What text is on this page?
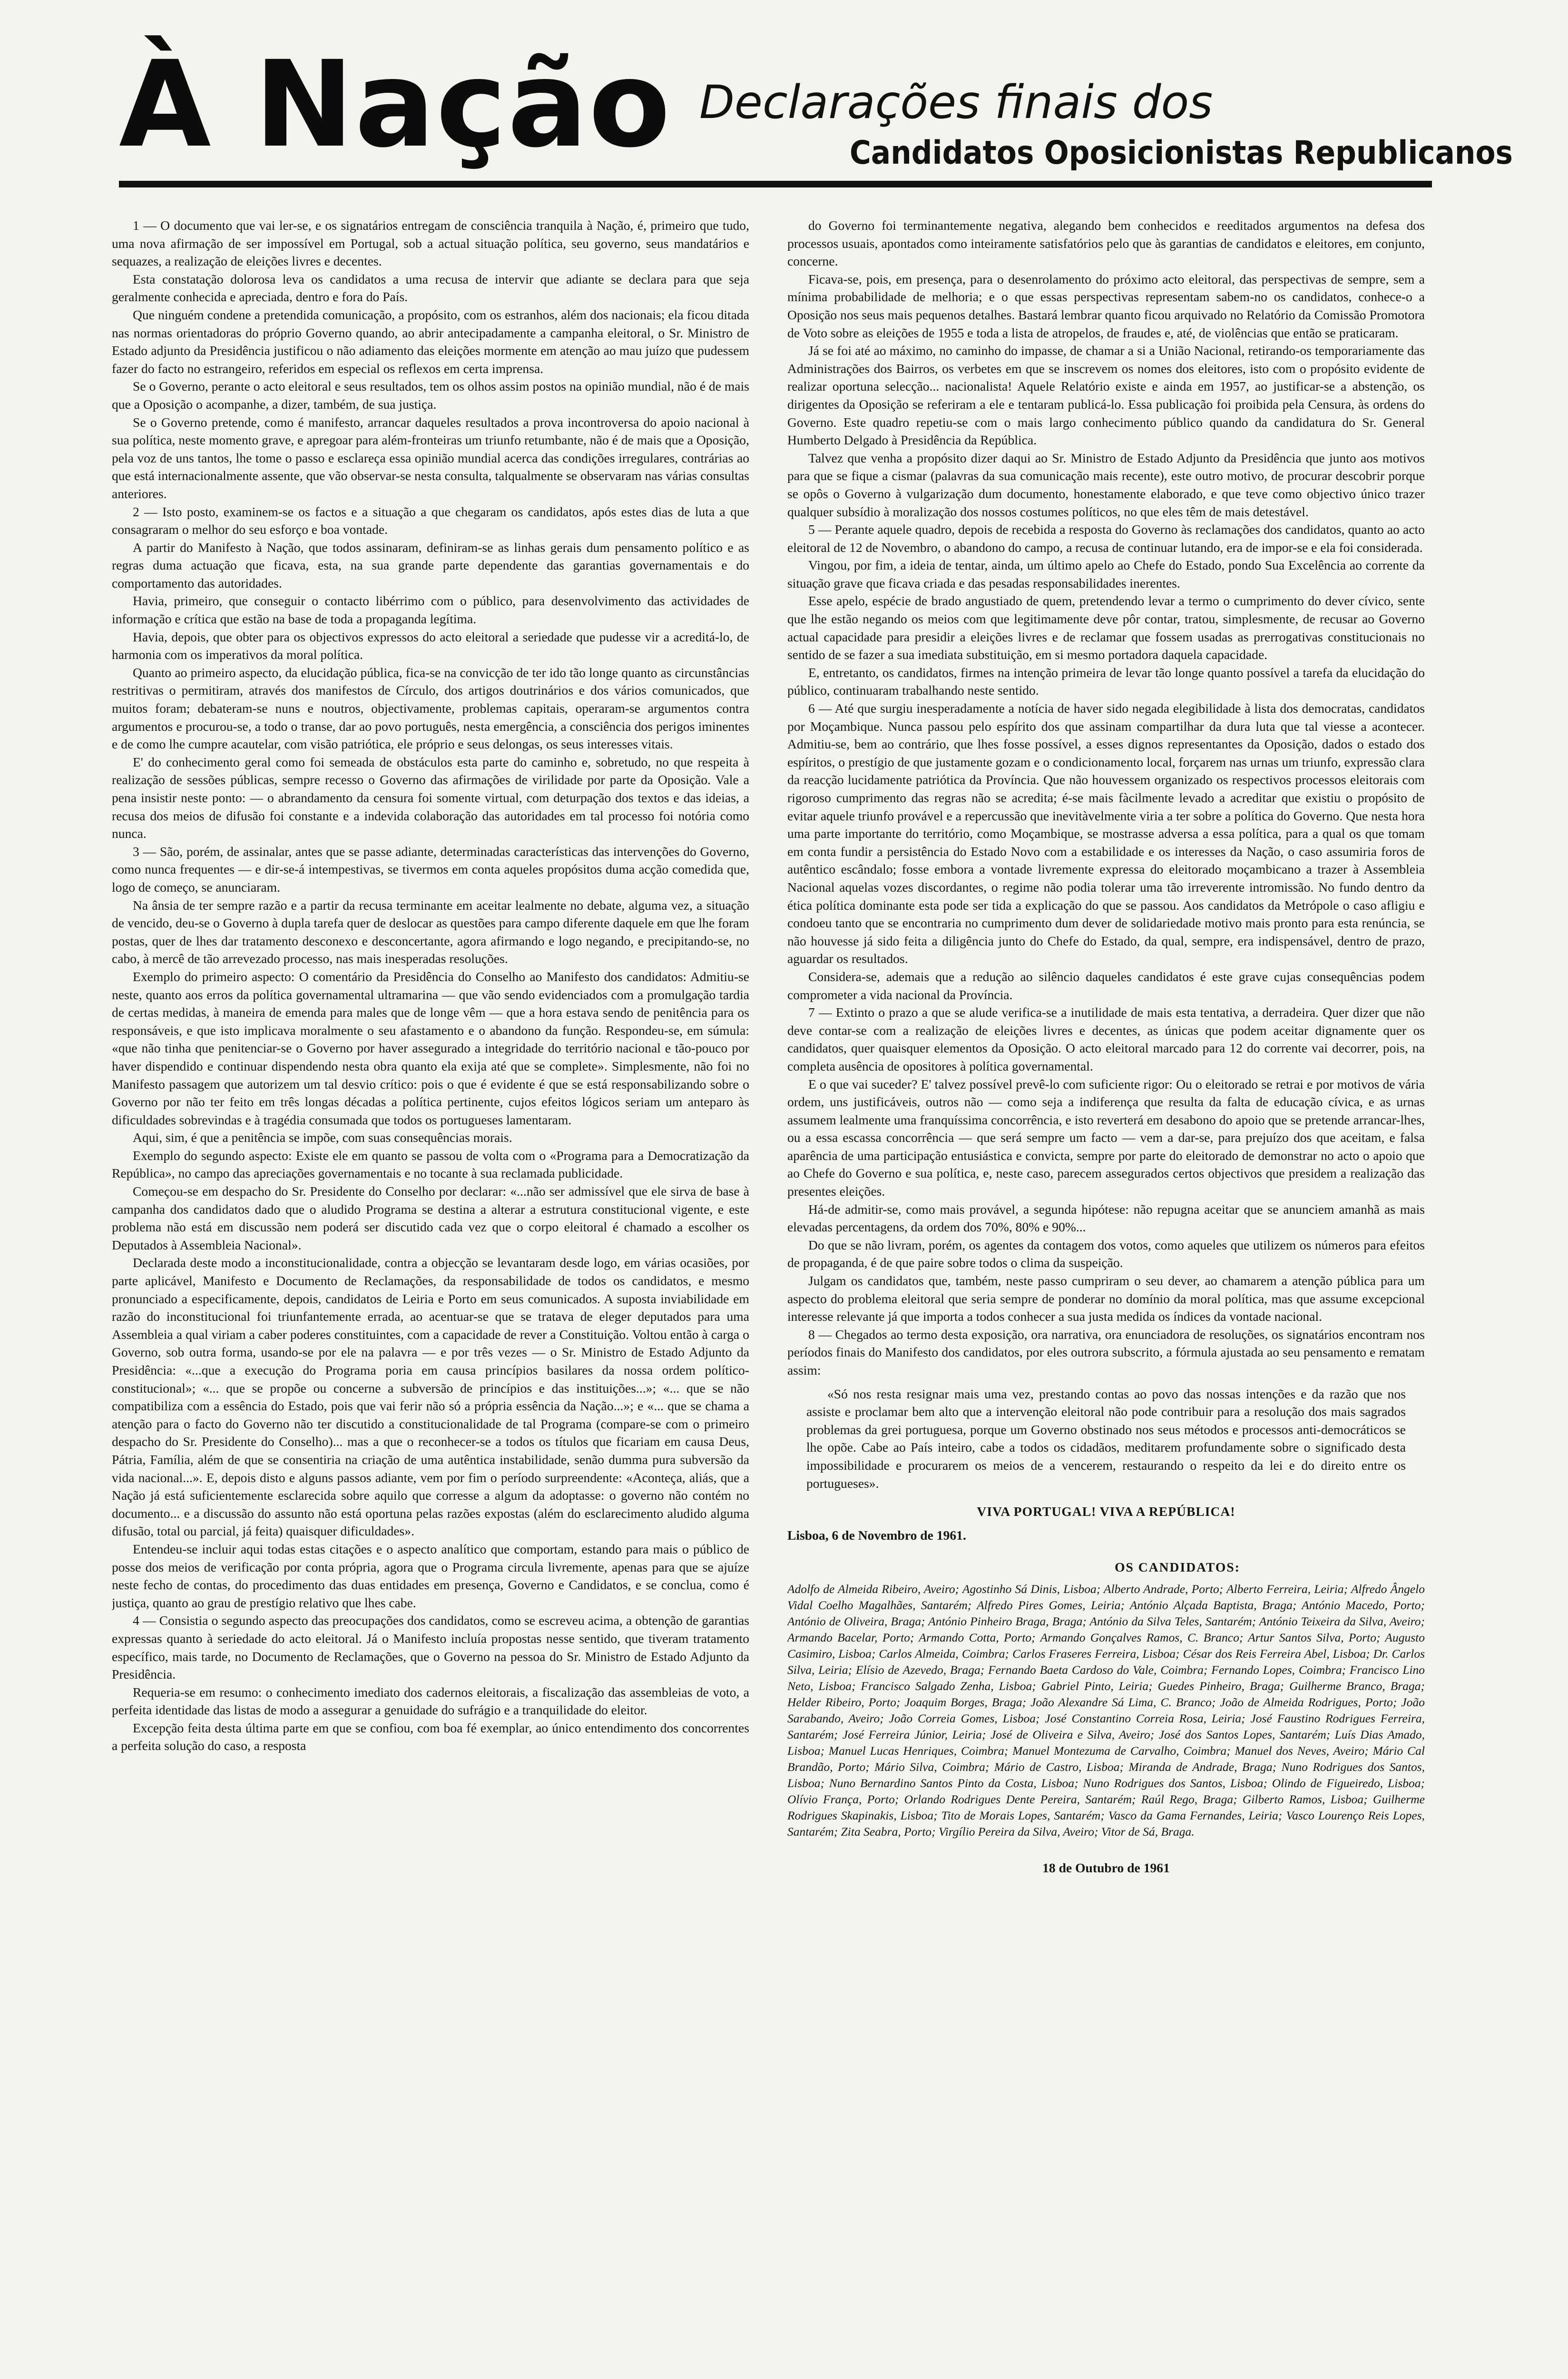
À Nação Declarações finais dos
Candidatos Oposicionistas Republicanos

1 — O documento que vai ler-se, e os signatários entregam de consciência tranquila à Nação, é, primeiro que tudo, uma nova afirmação de ser impossível em Portugal, sob a actual situação política, seu governo, seus mandatários e sequazes, a realização de eleições livres e decentes.

Esta constatação dolorosa leva os candidatos a uma recusa de intervir que adiante se declara para que seja geralmente conhecida e apreciada, dentro e fora do País.

Que ninguém condene a pretendida comunicação, a propósito, com os estranhos, além dos nacionais; ela ficou ditada nas normas orientadoras do próprio Governo quando, ao abrir antecipadamente a campanha eleitoral, o Sr. Ministro de Estado adjunto da Presidência justificou o não adiamento das eleições mormente em atenção ao mau juízo que pudessem fazer do facto no estrangeiro, referidos em especial os reflexos em certa imprensa.

Se o Governo, perante o acto eleitoral e seus resultados, tem os olhos assim postos na opinião mundial, não é de mais que a Oposição o acompanhe, a dizer, também, de sua justiça.

Se o Governo pretende, como é manifesto, arrancar daqueles resultados a prova incontroversa do apoio nacional à sua política, neste momento grave, e apregoar para além-fronteiras um triunfo retumbante, não é de mais que a Oposição, pela voz de uns tantos, lhe tome o passo e esclareça essa opinião mundial acerca das condições irregulares, contrárias ao que está internacionalmente assente, que vão observar-se nesta consulta, talqualmente se observaram nas várias consultas anteriores.

2 — Isto posto, examinem-se os factos e a situação a que chegaram os candidatos, após estes dias de luta a que consagraram o melhor do seu esforço e boa vontade.

A partir do Manifesto à Nação, que todos assinaram, definiram-se as linhas gerais dum pensamento político e as regras duma actuação que ficava, esta, na sua grande parte dependente das garantias governamentais e do comportamento das autoridades.

Havia, primeiro, que conseguir o contacto libérrimo com o público, para desenvolvimento das actividades de informação e crítica que estão na base de toda a propaganda legítima.

Havia, depois, que obter para os objectivos expressos do acto eleitoral a seriedade que pudesse vir a acreditá-lo, de harmonia com os imperativos da moral política.

Quanto ao primeiro aspecto, da elucidação pública, fica-se na convicção de ter ido tão longe quanto as circunstâncias restritivas o permitiram, através dos manifestos de Círculo, dos artigos doutrinários e dos vários comunicados, que muitos foram; debateram-se nuns e noutros, objectivamente, problemas capitais, operaram-se argumentos contra argumentos e procurou-se, a todo o transe, dar ao povo português, nesta emergência, a consciência dos perigos iminentes e de como lhe cumpre acautelar, com visão patriótica, ele próprio e seus delongas, os seus interesses vitais.

E' do conhecimento geral como foi semeada de obstáculos esta parte do caminho e, sobretudo, no que respeita à realização de sessões públicas, sempre recesso o Governo das afirmações de virilidade por parte da Oposição. Vale a pena insistir neste ponto: — o abrandamento da censura foi somente virtual, com deturpação dos textos e das ideias, a recusa dos meios de difusão foi constante e a indevida colaboração das autoridades em tal processo foi notória como nunca.

3 — São, porém, de assinalar, antes que se passe adiante, determinadas características das intervenções do Governo, como nunca frequentes — e dir-se-á intempestivas, se tivermos em conta aqueles propósitos duma acção comedida que, logo de começo, se anunciaram.

Na ânsia de ter sempre razão e a partir da recusa terminante em aceitar lealmente no debate, alguma vez, a situação de vencido, deu-se o Governo à dupla tarefa quer de deslocar as questões para campo diferente daquele em que lhe foram postas, quer de lhes dar tratamento desconexo e desconcertante, agora afirmando e logo negando, e precipitando-se, no cabo, à mercê de tão arrevezado processo, nas mais inesperadas resoluções.

Exemplo do primeiro aspecto: O comentário da Presidência do Conselho ao Manifesto dos candidatos: Admitiu-se neste, quanto aos erros da política governamental ultramarina — que vão sendo evidenciados com a promulgação tardia de certas medidas, à maneira de emenda para males que de longe vêm — que a hora estava sendo de penitência para os responsáveis, e que isto implicava moralmente o seu afastamento e o abandono da função. Respondeu-se, em súmula: «que não tinha que penitenciar-se o Governo por haver assegurado a integridade do território nacional e tão-pouco por haver dispendido e continuar dispendendo nesta obra quanto ela exija até que se complete». Simplesmente, não foi no Manifesto passagem que autorizem um tal desvio crítico: pois o que é evidente é que se está responsabilizando sobre o Governo por não ter feito em três longas décadas a política pertinente, cujos efeitos lógicos seriam um anteparo às dificuldades sobrevindas e à tragédia consumada que todos os portugueses lamentaram.

Aqui, sim, é que a penitência se impõe, com suas consequências morais.

Exemplo do segundo aspecto: Existe ele em quanto se passou de volta com o «Programa para a Democratização da República», no campo das apreciações governamentais e no tocante à sua reclamada publicidade.

Começou-se em despacho do Sr. Presidente do Conselho por declarar: «...não ser admissível que ele sirva de base à campanha dos candidatos dado que o aludido Programa se destina a alterar a estrutura constitucional vigente, e este problema não está em discussão nem poderá ser discutido cada vez que o corpo eleitoral é chamado a escolher os Deputados à Assembleia Nacional».

Declarada deste modo a inconstitucionalidade, contra a objecção se levantaram desde logo, em várias ocasiões, por parte aplicável, Manifesto e Documento de Reclamações, da responsabilidade de todos os candidatos, e mesmo pronunciado a especificamente, depois, candidatos de Leiria e Porto em seus comunicados. A suposta inviabilidade em razão do inconstitucional foi triunfantemente errada, ao acentuar-se que se tratava de eleger deputados para uma Assembleia a qual viriam a caber poderes constituintes, com a capacidade de rever a Constituição. Voltou então à carga o Governo, sob outra forma, usando-se por ele na palavra — e por três vezes — o Sr. Ministro de Estado Adjunto da Presidência: «...que a execução do Programa poria em causa princípios basilares da nossa ordem político-constitucional»; «... que se propõe ou concerne a subversão de princípios e das instituições...»; «... que se não compatibiliza com a essência do Estado, pois que vai ferir não só a própria essência da Nação...»; e «... que se chama a atenção para o facto do Governo não ter discutido a constitucionalidade de tal Programa (compare-se com o primeiro despacho do Sr. Presidente do Conselho)... mas a que o reconhecer-se a todos os títulos que ficariam em causa Deus, Pátria, Família, além de que se consentiria na criação de uma autêntica instabilidade, senão dumma pura subversão da vida nacional...». E, depois disto e alguns passos adiante, vem por fim o período surpreendente: «Aconteça, aliás, que a Nação já está suficientemente esclarecida sobre aquilo que corresse a algum da adoptasse: o governo não contém no documento... e a discussão do assunto não está oportuna pelas razões expostas (além do esclarecimento aludido alguma difusão, total ou parcial, já feita) quaisquer dificuldades».

Entendeu-se incluir aqui todas estas citações e o aspecto analítico que comportam, estando para mais o público de posse dos meios de verificação por conta própria, agora que o Programa circula livremente, apenas para que se ajuíze neste fecho de contas, do procedimento das duas entidades em presença, Governo e Candidatos, e se conclua, como é justiça, quanto ao grau de prestígio relativo que lhes cabe.

4 — Consistia o segundo aspecto das preocupações dos candidatos, como se escreveu acima, a obtenção de garantias expressas quanto à seriedade do acto eleitoral. Já o Manifesto incluía propostas nesse sentido, que tiveram tratamento específico, mais tarde, no Documento de Reclamações, que o Governo na pessoa do Sr. Ministro de Estado Adjunto da Presidência.

Requeria-se em resumo: o conhecimento imediato dos cadernos eleitorais, a fiscalização das assembleias de voto, a perfeita identidade das listas de modo a assegurar a genuidade do sufrágio e a tranquilidade do eleitor.

Excepção feita desta última parte em que se confiou, com boa fé exemplar, ao único entendimento dos concorrentes a perfeita solução do caso, a resposta

do Governo foi terminantemente negativa, alegando bem conhecidos e reeditados argumentos na defesa dos processos usuais, apontados como inteiramente satisfatórios pelo que às garantias de candidatos e eleitores, em conjunto, concerne.

Ficava-se, pois, em presença, para o desenrolamento do próximo acto eleitoral, das perspectivas de sempre, sem a mínima probabilidade de melhoria; e o que essas perspectivas representam sabem-no os candidatos, conhece-o a Oposição nos seus mais pequenos detalhes. Bastará lembrar quanto ficou arquivado no Relatório da Comissão Promotora de Voto sobre as eleições de 1955 e toda a lista de atropelos, de fraudes e, até, de violências que então se praticaram.

Já se foi até ao máximo, no caminho do impasse, de chamar a si a União Nacional, retirando-os temporariamente das Administrações dos Bairros, os verbetes em que se inscrevem os nomes dos eleitores, isto com o propósito evidente de realizar oportuna selecção... nacionalista! Aquele Relatório existe e ainda em 1957, ao justificar-se a abstenção, os dirigentes da Oposição se referiram a ele e tentaram publicá-lo. Essa publicação foi proibida pela Censura, às ordens do Governo. Este quadro repetiu-se com o mais largo conhecimento público quando da candidatura do Sr. General Humberto Delgado à Presidência da República.

Talvez que venha a propósito dizer daqui ao Sr. Ministro de Estado Adjunto da Presidência que junto aos motivos para que se fique a cismar (palavras da sua comunicação mais recente), este outro motivo, de procurar descobrir porque se opôs o Governo à vulgarização dum documento, honestamente elaborado, e que teve como objectivo único trazer qualquer subsídio à moralização dos nossos costumes políticos, no que eles têm de mais detestável.

5 — Perante aquele quadro, depois de recebida a resposta do Governo às reclamações dos candidatos, quanto ao acto eleitoral de 12 de Novembro, o abandono do campo, a recusa de continuar lutando, era de impor-se e ela foi considerada.

Vingou, por fim, a ideia de tentar, ainda, um último apelo ao Chefe do Estado, pondo Sua Excelência ao corrente da situação grave que ficava criada e das pesadas responsabilidades inerentes.

Esse apelo, espécie de brado angustiado de quem, pretendendo levar a termo o cumprimento do dever cívico, sente que lhe estão negando os meios com que legitimamente deve pôr contar, tratou, simplesmente, de recusar ao Governo actual capacidade para presidir a eleições livres e de reclamar que fossem usadas as prerrogativas constitucionais no sentido de se fazer a sua imediata substituição, em si mesmo portadora daquela capacidade.

E, entretanto, os candidatos, firmes na intenção primeira de levar tão longe quanto possível a tarefa da elucidação do público, continuaram trabalhando neste sentido.

6 — Até que surgiu inesperadamente a notícia de haver sido negada elegibilidade à lista dos democratas, candidatos por Moçambique. Nunca passou pelo espírito dos que assinam compartilhar da dura luta que tal viesse a acontecer. Admitiu-se, bem ao contrário, que lhes fosse possível, a esses dignos representantes da Oposição, dados o estado dos espíritos, o prestígio de que justamente gozam e o condicionamento local, forçarem nas urnas um triunfo, expressão clara da reacção lucidamente patriótica da Província. Que não houvessem organizado os respectivos processos eleitorais com rigoroso cumprimento das regras não se acredita; é-se mais fàcilmente levado a acreditar que existiu o propósito de evitar aquele triunfo provável e a repercussão que inevitàvelmente viria a ter sobre a política do Governo. Que nesta hora uma parte importante do território, como Moçambique, se mostrasse adversa a essa política, para a qual os que tomam em conta fundir a persistência do Estado Novo com a estabilidade e os interesses da Nação, o caso assumiria foros de autêntico escândalo; fosse embora a vontade livremente expressa do eleitorado moçambicano a trazer à Assembleia Nacional aquelas vozes discordantes, o regime não podia tolerar uma tão irreverente intromissão. No fundo dentro da ética política dominante esta pode ser tida a explicação do que se passou. Aos candidatos da Metrópole o caso afligiu e condoeu tanto que se encontraria no cumprimento dum dever de solidariedade motivo mais pronto para esta renúncia, se não houvesse já sido feita a diligência junto do Chefe do Estado, da qual, sempre, era indispensável, dentro de prazo, aguardar os resultados.

Considera-se, ademais que a redução ao silêncio daqueles candidatos é este grave cujas consequências podem comprometer a vida nacional da Província.

7 — Extinto o prazo a que se alude verifica-se a inutilidade de mais esta tentativa, a derradeira. Quer dizer que não deve contar-se com a realização de eleições livres e decentes, as únicas que podem aceitar dignamente quer os candidatos, quer quaisquer elementos da Oposição. O acto eleitoral marcado para 12 do corrente vai decorrer, pois, na completa ausência de opositores à política governamental.

E o que vai suceder? E' talvez possível prevê-lo com suficiente rigor: Ou o eleitorado se retrai e por motivos de vária ordem, uns justificáveis, outros não — como seja a indiferença que resulta da falta de educação cívica, e as urnas assumem lealmente uma franquíssima concorrência, e isto reverterá em desabono do apoio que se pretende arrancar-lhes, ou a essa escassa concorrência — que será sempre um facto — vem a dar-se, para prejuízo dos que aceitam, e falsa aparência de uma participação entusiástica e convicta, sempre por parte do eleitorado de demonstrar no acto o apoio que ao Chefe do Governo e sua política, e, neste caso, parecem assegurados certos objectivos que presidem a realização das presentes eleições.

Há-de admitir-se, como mais provável, a segunda hipótese: não repugna aceitar que se anunciem amanhã as mais elevadas percentagens, da ordem dos 70%, 80% e 90%...

Do que se não livram, porém, os agentes da contagem dos votos, como aqueles que utilizem os números para efeitos de propaganda, é de que paire sobre todos o clima da suspeição.

Julgam os candidatos que, também, neste passo cumpriram o seu dever, ao chamarem a atenção pública para um aspecto do problema eleitoral que seria sempre de ponderar no domínio da moral política, mas que assume excepcional interesse relevante já que importa a todos conhecer a sua justa medida os índices da vontade nacional.

8 — Chegados ao termo desta exposição, ora narrativa, ora enunciadora de resoluções, os signatários encontram nos períodos finais do Manifesto dos candidatos, por eles outrora subscrito, a fórmula ajustada ao seu pensamento e rematam assim:

«Só nos resta resignar mais uma vez, prestando contas ao povo das nossas intenções e da razão que nos assiste e proclamar bem alto que a intervenção eleitoral não pode contribuir para a resolução dos mais sagrados problemas da grei portuguesa, porque um Governo obstinado nos seus métodos e processos anti-democráticos se lhe opõe. Cabe ao País inteiro, cabe a todos os cidadãos, meditarem profundamente sobre o significado desta impossibilidade e procurarem os meios de a vencerem, restaurando o respeito da lei e do direito entre os portugueses».

VIVA PORTUGAL! VIVA A REPÚBLICA!

Lisboa, 6 de Novembro de 1961.

OS CANDIDATOS:

Adolfo de Almeida Ribeiro, Aveiro; Agostinho Sá Dinis, Lisboa; Alberto Andrade, Porto; Alberto Ferreira, Leiria; Alfredo Ângelo Vidal Coelho Magalhães, Santarém; Alfredo Pires Gomes, Leiria; António Alçada Baptista, Braga; António Macedo, Porto; António de Oliveira, Braga; António Pinheiro Braga, Braga; António da Silva Teles, Santarém; António Teixeira da Silva, Aveiro; Armando Bacelar, Porto; Armando Cotta, Porto; Armando Gonçalves Ramos, C. Branco; Artur Santos Silva, Porto; Augusto Casimiro, Lisboa; Carlos Almeida, Coimbra; Carlos Fraseres Ferreira, Lisboa; César dos Reis Ferreira Abel, Lisboa; Dr. Carlos Silva, Leiria; Elísio de Azevedo, Braga; Fernando Baeta Cardoso do Vale, Coimbra; Fernando Lopes, Coimbra; Francisco Lino Neto, Lisboa; Francisco Salgado Zenha, Lisboa; Gabriel Pinto, Leiria; Guedes Pinheiro, Braga; Guilherme Branco, Braga; Helder Ribeiro, Porto; Joaquim Borges, Braga; João Alexandre Sá Lima, C. Branco; João de Almeida Rodrigues, Porto; João Sarabando, Aveiro; João Correia Gomes, Lisboa; José Constantino Correia Rosa, Leiria; José Faustino Rodrigues Ferreira, Santarém; José Ferreira Júnior, Leiria; José de Oliveira e Silva, Aveiro; José dos Santos Lopes, Santarém; Luís Dias Amado, Lisboa; Manuel Lucas Henriques, Coimbra; Manuel Montezuma de Carvalho, Coimbra; Manuel dos Neves, Aveiro; Mário Cal Brandão, Porto; Mário Silva, Coimbra; Mário de Castro, Lisboa; Miranda de Andrade, Braga; Nuno Rodrigues dos Santos, Lisboa; Nuno Bernardino Santos Pinto da Costa, Lisboa; Nuno Rodrigues dos Santos, Lisboa; Olindo de Figueiredo, Lisboa; Olívio França, Porto; Orlando Rodrigues Dente Pereira, Santarém; Raúl Rego, Braga; Gilberto Ramos, Lisboa; Guilherme Rodrigues Skapinakis, Lisboa; Tito de Morais Lopes, Santarém; Vasco da Gama Fernandes, Leiria; Vasco Lourenço Reis Lopes, Santarém; Zita Seabra, Porto; Virgílio Pereira da Silva, Aveiro; Vitor de Sá, Braga.

18 de Outubro de 1961
